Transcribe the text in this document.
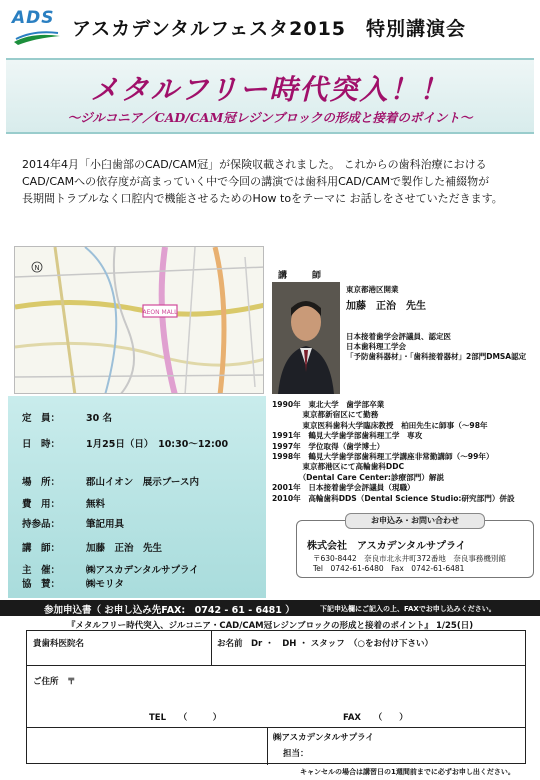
ADS アスカデンタルフェスタ2015　特別講演会
メタルフリー時代突入！！
～ジルコニア／CAD/CAM冠レジンブロックの形成と接着のポイント～
2014年4月「小臼歯部のCAD/CAM冠」が保険収載されました。 これからの歯科治療における
CAD/CAMへの依存度が高まっていく中で今回の講演では歯科用CAD/CAMで製作した補綴物が
長期間トラブルなく口腔内で機能させるためのHow toをテーマに お話しをさせていただきます。
AEON MALL
N
講　師
東京都港区開業
加藤　正治　先生
日本接着歯学会評議員、認定医
日本歯科理工学会
「予防歯科器材」・「歯科接着器材」2部門DMSA認定
定　員：	30 名
日　時：	1月25日（日）　10:30～12:00
場　所：	郡山イオン　展示ブース内
費　用：	無料
持参品：	筆記用具
講　師：	加藤　正治　先生
主　催：	㈱アスカデンタルサプライ
協　賛：	㈱モリタ
1990年　東北大学　歯学部卒業
　　　　東京都新宿区にて勤務
　　　　東京医科歯科大学臨床教授　柏田先生に師事（～98年
1991年　鶴見大学歯学部歯科理工学　専攻
1997年　学位取得（歯学博士）
1998年　鶴見大学歯学部歯科理工学講座非常勤講師（～99年）
　　　　東京都港区にて高輪歯科DDC
　　　　（Dental Care Center:診療部門）解説
2001年　日本接着歯学会評議員（現職）
2010年　高輪歯科DDS（Dental Science Studio:研究部門）併設
お申込み・お問い合わせ
株式会社　アスカデンタルサプライ
〒630-8442　奈良市北永井町372番地　奈良事務機別館
Tel　0742-61-6480　Fax　0742-61-6481
参加申込書（ お申し込み先FAX:　0742 - 61 - 6481 ）	下記申込欄にご記入の上、FAXでお申し込みください。
『メタルフリー時代突入、ジルコニア・CAD/CAM冠レジンブロックの形成と接着のポイント』 1/25(日)
貴歯科医院名	お名前　Dr ・　DH ・ スタッフ　（○をお付け下さい）
ご住所　〒
TEL　　（　　　）	FAX　　（　　）
㈱アスカデンタルサプライ
担当：
キャンセルの場合は講習日の1週間前までに必ずお申し出ください。
